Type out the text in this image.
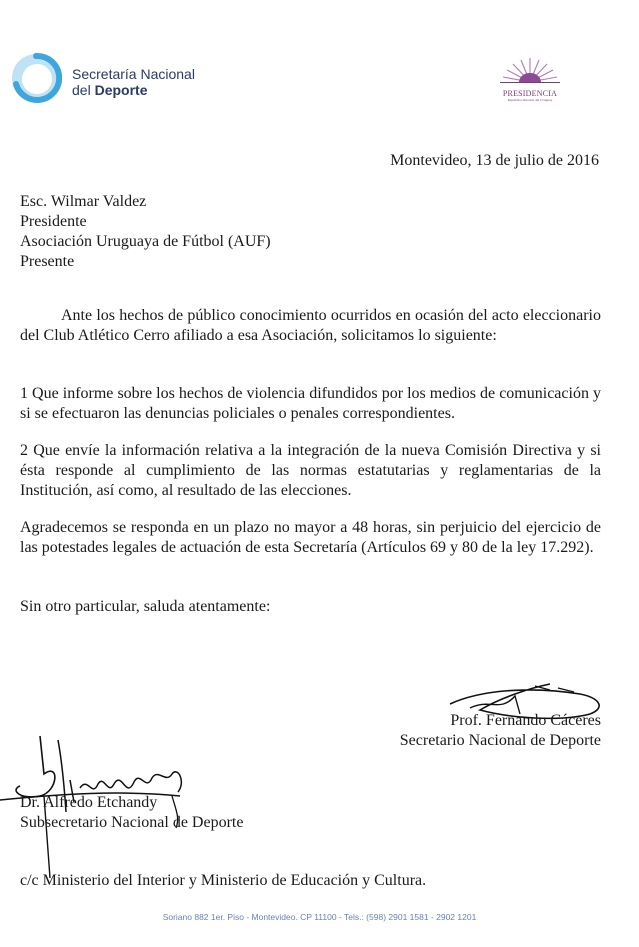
Secretaría Nacional
del Deporte	PRESIDENCIA
República Oriental del Uruguay
Montevideo, 13 de julio de 2016
Esc. Wilmar Valdez
Presidente
Asociación Uruguaya de Fútbol (AUF)
Presente
Ante los hechos de público conocimiento ocurridos en ocasión del acto eleccionario del Club Atlético Cerro afiliado a esa Asociación, solicitamos lo siguiente:
1 Que informe sobre los hechos de violencia difundidos por los medios de comunicación y si se efectuaron las denuncias policiales o penales correspondientes.
2 Que envíe la información relativa a la integración de la nueva Comisión Directiva y si ésta responde al cumplimiento de las normas estatutarias y reglamentarias de la Institución, así como, al resultado de las elecciones.
Agradecemos se responda en un plazo no mayor a 48 horas, sin perjuicio del ejercicio de las potestades legales de actuación de esta Secretaría (Artículos 69 y 80 de la ley 17.292).
Sin otro particular, saluda atentamente:
Prof. Fernando Cáceres
Secretario Nacional de Deporte
Dr. Alfredo Etchandy
Subsecretario Nacional de Deporte
c/c Ministerio del Interior y Ministerio de Educación y Cultura.
Soriano 882 1er. Piso - Montevideo. CP 11100 - Tels.: (598) 2901 1581 - 2902 1201
